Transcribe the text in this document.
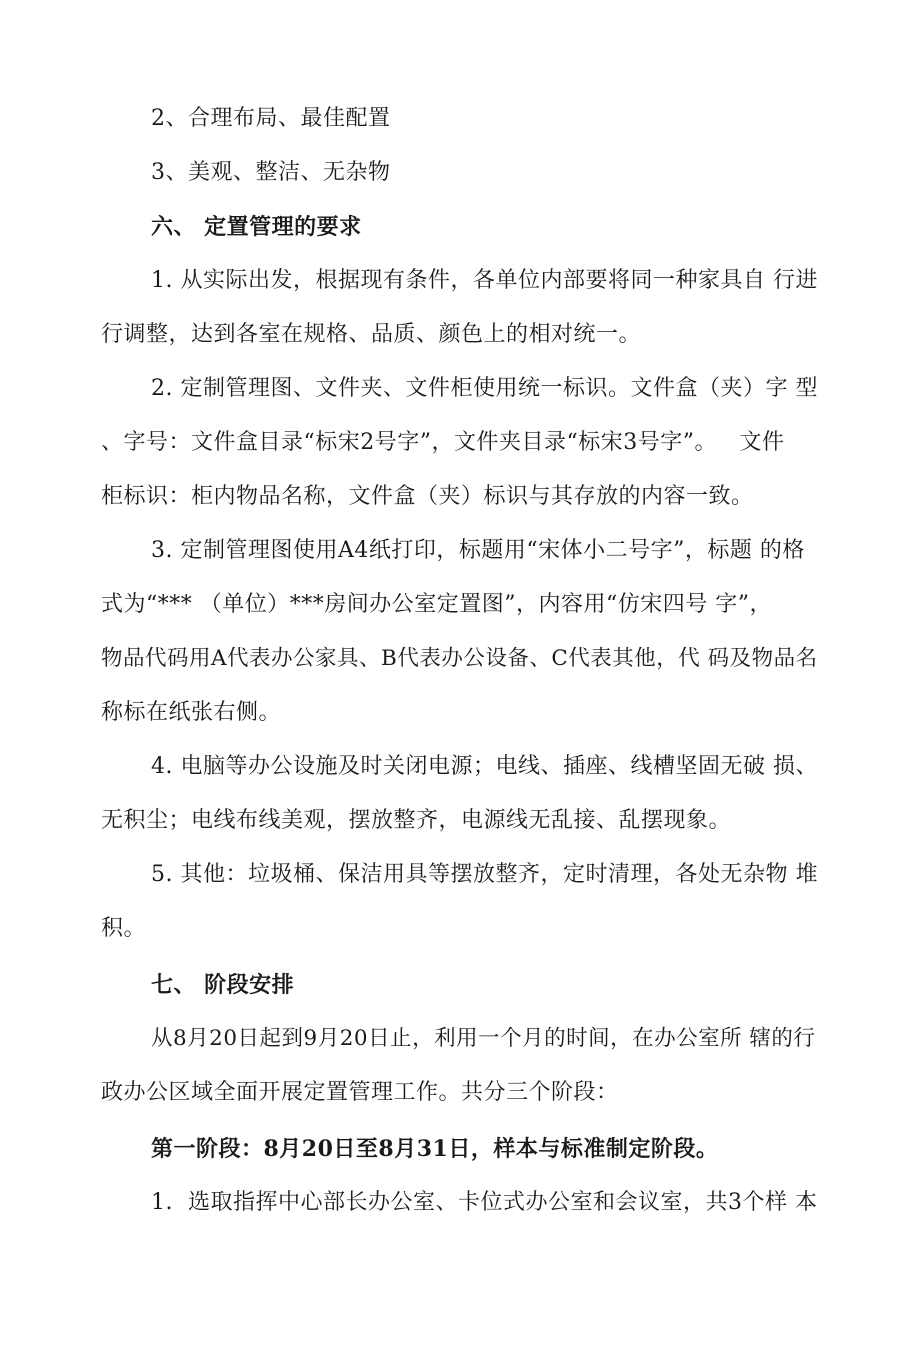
2、合理布局、最佳配置
3、美观、整洁、无杂物
六、 定置管理的要求
1. 从实际出发，根据现有条件，各单位内部要将同一种家具自 行进
行调整，达到各室在规格、品质、颜色上的相对统一。
2. 定制管理图、文件夹、文件柜使用统一标识。文件盒（夹）字 型
、字号：文件盒目录“标宋2号字”，文件夹目录“标宋3号字”。   文件
柜标识：柜内物品名称，文件盒（夹）标识与其存放的内容一致。
3. 定制管理图使用A4纸打印，标题用“宋体小二号字”，标题 的格
式为“*** （单位）***房间办公室定置图”，内容用“仿宋四号 字”，
物品代码用A代表办公家具、B代表办公设备、C代表其他，代 码及物品名
称标在纸张右侧。
4. 电脑等办公设施及时关闭电源；电线、插座、线槽坚固无破 损、
无积尘；电线布线美观，摆放整齐，电源线无乱接、乱摆现象。
5. 其他：垃圾桶、保洁用具等摆放整齐，定时清理，各处无杂物 堆
积。
七、 阶段安排
从8月20日起到9月20日止，利用一个月的时间，在办公室所 辖的行
政办公区域全面开展定置管理工作。共分三个阶段：
第一阶段：8月20日至8月31日，样本与标准制定阶段。
1.  选取指挥中心部长办公室、卡位式办公室和会议室，共3个样 本
